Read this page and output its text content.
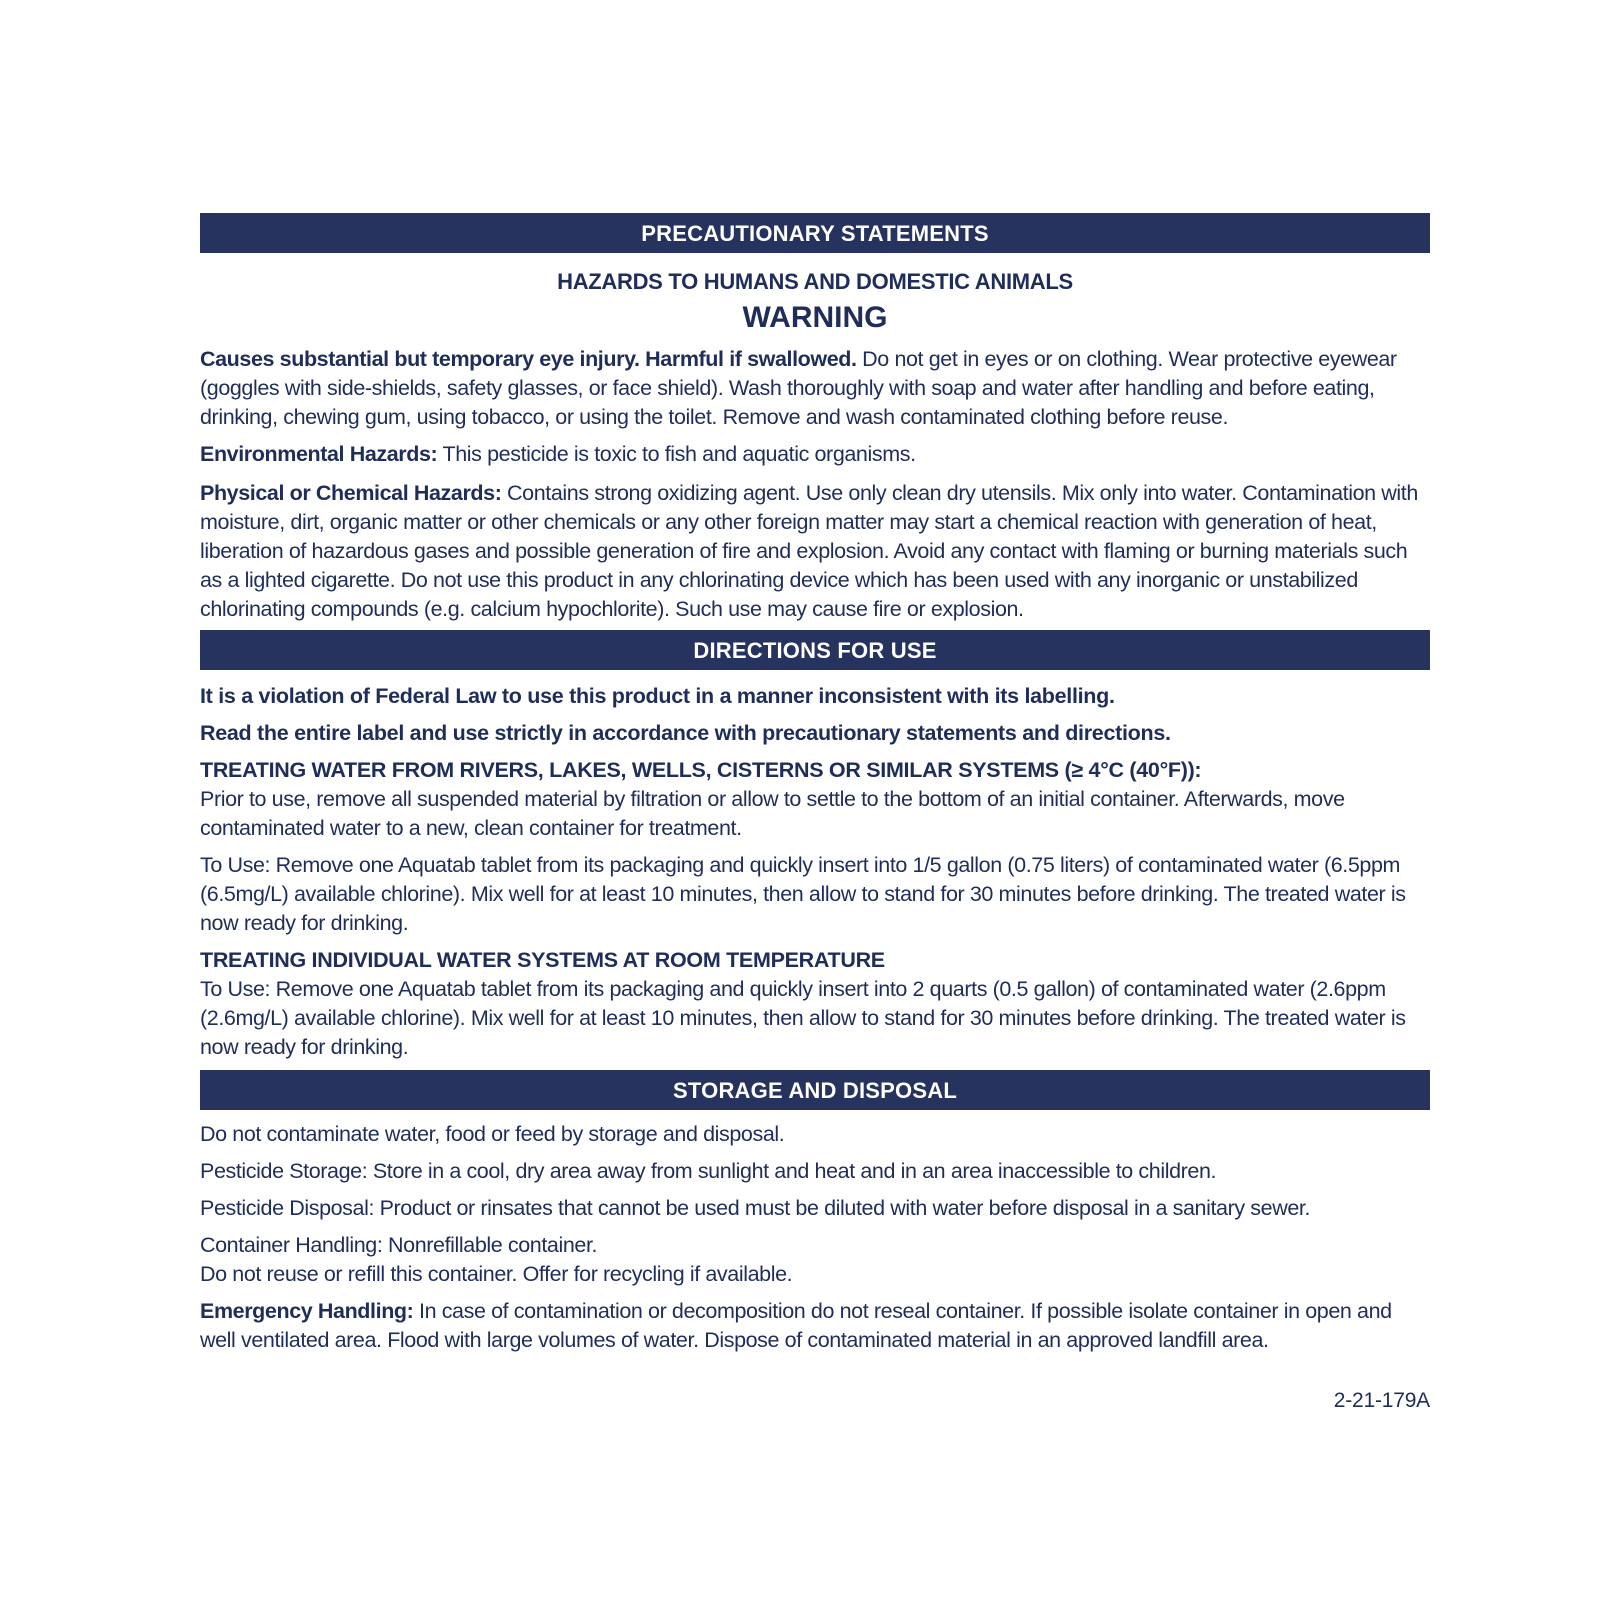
PRECAUTIONARY STATEMENTS
HAZARDS TO HUMANS AND DOMESTIC ANIMALS
WARNING

Causes substantial but temporary eye injury. Harmful if swallowed. Do not get in eyes or on clothing. Wear protective eyewear (goggles with side-shields, safety glasses, or face shield). Wash thoroughly with soap and water after handling and before eating, drinking, chewing gum, using tobacco, or using the toilet. Remove and wash contaminated clothing before reuse.

Environmental Hazards: This pesticide is toxic to fish and aquatic organisms.

Physical or Chemical Hazards: Contains strong oxidizing agent. Use only clean dry utensils. Mix only into water. Contamination with moisture, dirt, organic matter or other chemicals or any other foreign matter may start a chemical reaction with generation of heat, liberation of hazardous gases and possible generation of fire and explosion. Avoid any contact with flaming or burning materials such as a lighted cigarette. Do not use this product in any chlorinating device which has been used with any inorganic or unstabilized chlorinating compounds (e.g. calcium hypochlorite). Such use may cause fire or explosion.

DIRECTIONS FOR USE

It is a violation of Federal Law to use this product in a manner inconsistent with its labelling.

Read the entire label and use strictly in accordance with precautionary statements and directions.

TREATING WATER FROM RIVERS, LAKES, WELLS, CISTERNS OR SIMILAR SYSTEMS (≥ 4°C (40°F)):

Prior to use, remove all suspended material by filtration or allow to settle to the bottom of an initial container. Afterwards, move contaminated water to a new, clean container for treatment.

To Use: Remove one Aquatab tablet from its packaging and quickly insert into 1/5 gallon (0.75 liters) of contaminated water (6.5ppm (6.5mg/L) available chlorine). Mix well for at least 10 minutes, then allow to stand for 30 minutes before drinking. The treated water is now ready for drinking.

TREATING INDIVIDUAL WATER SYSTEMS AT ROOM TEMPERATURE

To Use: Remove one Aquatab tablet from its packaging and quickly insert into 2 quarts (0.5 gallon) of contaminated water (2.6ppm (2.6mg/L) available chlorine). Mix well for at least 10 minutes, then allow to stand for 30 minutes before drinking. The treated water is now ready for drinking.

STORAGE AND DISPOSAL

Do not contaminate water, food or feed by storage and disposal.

Pesticide Storage: Store in a cool, dry area away from sunlight and heat and in an area inaccessible to children.

Pesticide Disposal: Product or rinsates that cannot be used must be diluted with water before disposal in a sanitary sewer.

Container Handling: Nonrefillable container.

Do not reuse or refill this container. Offer for recycling if available.

Emergency Handling: In case of contamination or decomposition do not reseal container. If possible isolate container in open and well ventilated area. Flood with large volumes of water. Dispose of contaminated material in an approved landfill area.

2-21-179A
